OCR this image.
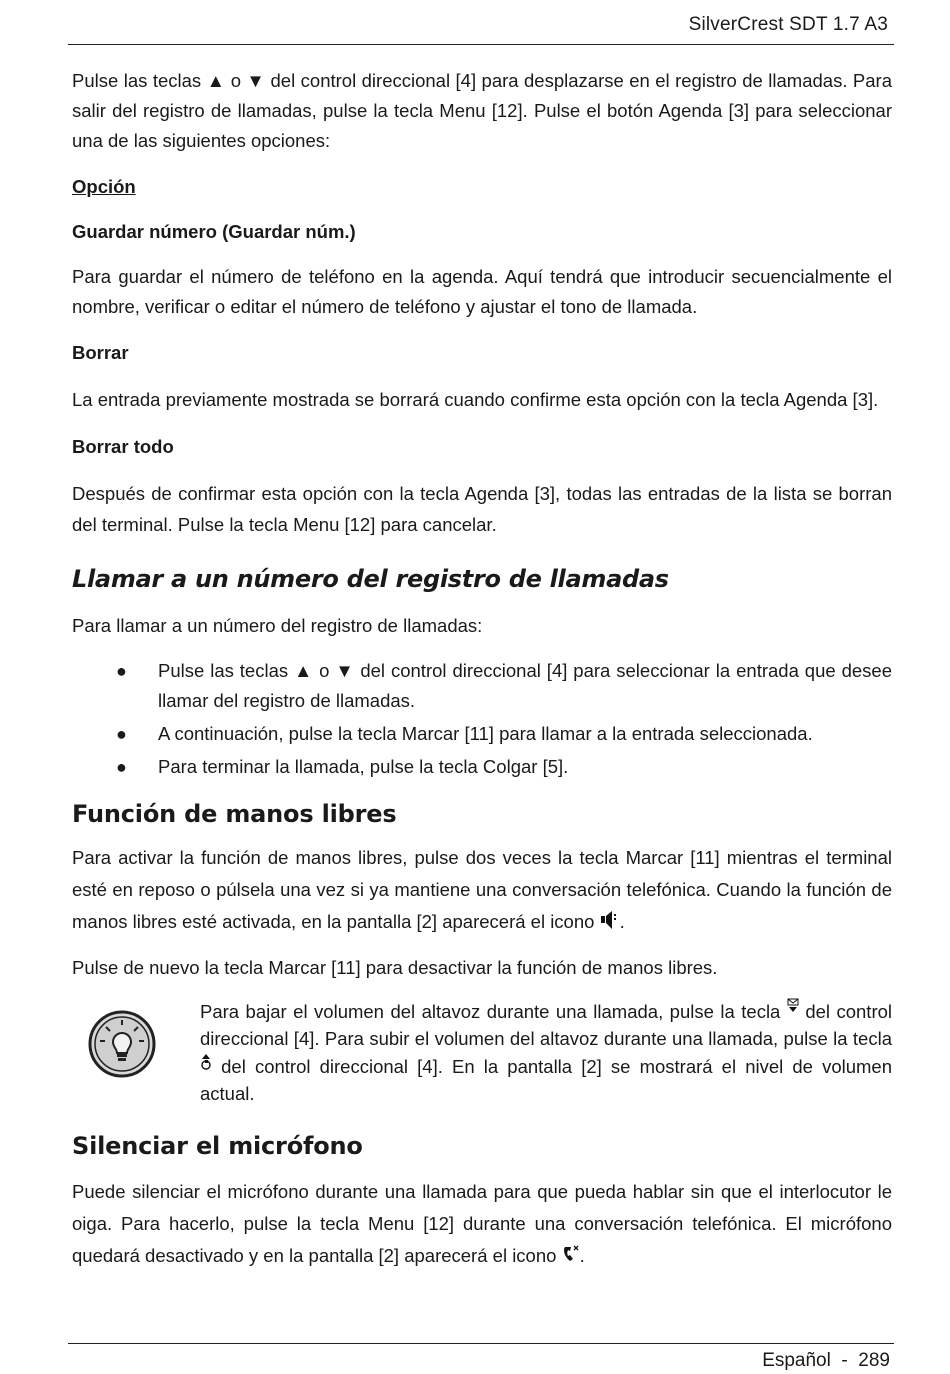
SilverCrest SDT 1.7 A3

Pulse las teclas ▲ o ▼ del control direccional [4] para desplazarse en el registro de llamadas. Para salir del registro de llamadas, pulse la tecla Menu [12]. Pulse el botón Agenda [3] para seleccionar una de las siguientes opciones:

Opción

Guardar número (Guardar núm.)

Para guardar el número de teléfono en la agenda. Aquí tendrá que introducir secuencialmente el nombre, verificar o editar el número de teléfono y ajustar el tono de llamada.

Borrar

La entrada previamente mostrada se borrará cuando confirme esta opción con la tecla Agenda [3].

Borrar todo

Después de confirmar esta opción con la tecla Agenda [3], todas las entradas de la lista se borran del terminal. Pulse la tecla Menu [12] para cancelar.

Llamar a un número del registro de llamadas

Para llamar a un número del registro de llamadas:

● Pulse las teclas ▲ o ▼ del control direccional [4] para seleccionar la entrada que desee llamar del registro de llamadas.
● A continuación, pulse la tecla Marcar [11] para llamar a la entrada seleccionada.
● Para terminar la llamada, pulse la tecla Colgar [5].
Función de manos libres

Para activar la función de manos libres, pulse dos veces la tecla Marcar [11] mientras el terminal esté en reposo o púlsela una vez si ya mantiene una conversación telefónica. Cuando la función de manos libres esté activada, en la pantalla [2] aparecerá el icono .

Pulse de nuevo la tecla Marcar [11] para desactivar la función de manos libres.

Para bajar el volumen del altavoz durante una llamada, pulse la tecla del control direccional [4]. Para subir el volumen del altavoz durante una llamada, pulse la tecla  del control direccional [4]. En la pantalla [2] se mostrará el nivel de volumen actual.

Silenciar el micrófono

Puede silenciar el micrófono durante una llamada para que pueda hablar sin que el interlocutor le oiga. Para hacerlo, pulse la tecla Menu [12] durante una conversación telefónica. El micrófono quedará desactivado y en la pantalla [2] aparecerá el icono .

Español  -  289
